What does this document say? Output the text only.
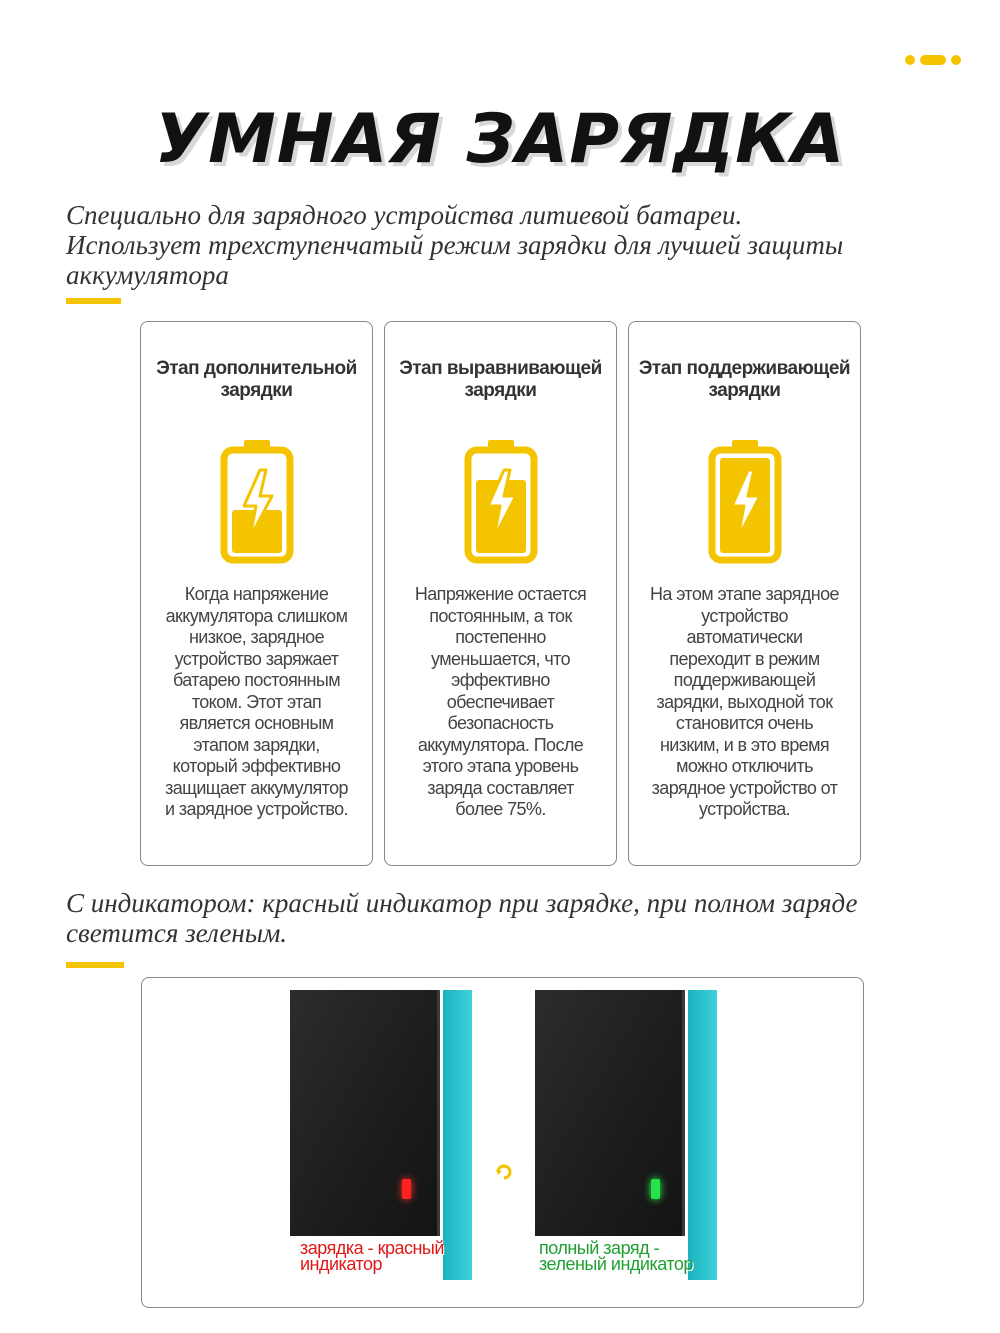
УМНАЯ ЗАРЯДКА
Специально для зарядного устройства литиевой батареи.
Использует трехступенчатый режим зарядки для лучшей защиты
аккумулятора
Этап дополнительной
зарядки
Когда напряжение
аккумулятора слишком
низкое, зарядное
устройство заряжает
батарею постоянным
током. Этот этап
является основным
этапом зарядки,
который эффективно
защищает аккумулятор
и зарядное устройство.
Этап выравнивающей
зарядки
Напряжение остается
постоянным, а ток
постепенно
уменьшается, что
эффективно
обеспечивает
безопасность
аккумулятора. После
этого этапа уровень
заряда составляет
более 75%.
Этап поддерживающей
зарядки
На этом этапе зарядное
устройство
автоматически
переходит в режим
поддерживающей
зарядки, выходной ток
становится очень
низким, и в это время
можно отключить
зарядное устройство от
устройства.
С индикатором: красный индикатор при зарядке, при полном заряде
светится зеленым.
зарядка - красный
индикатор
полный заряд -
зеленый индикатор
